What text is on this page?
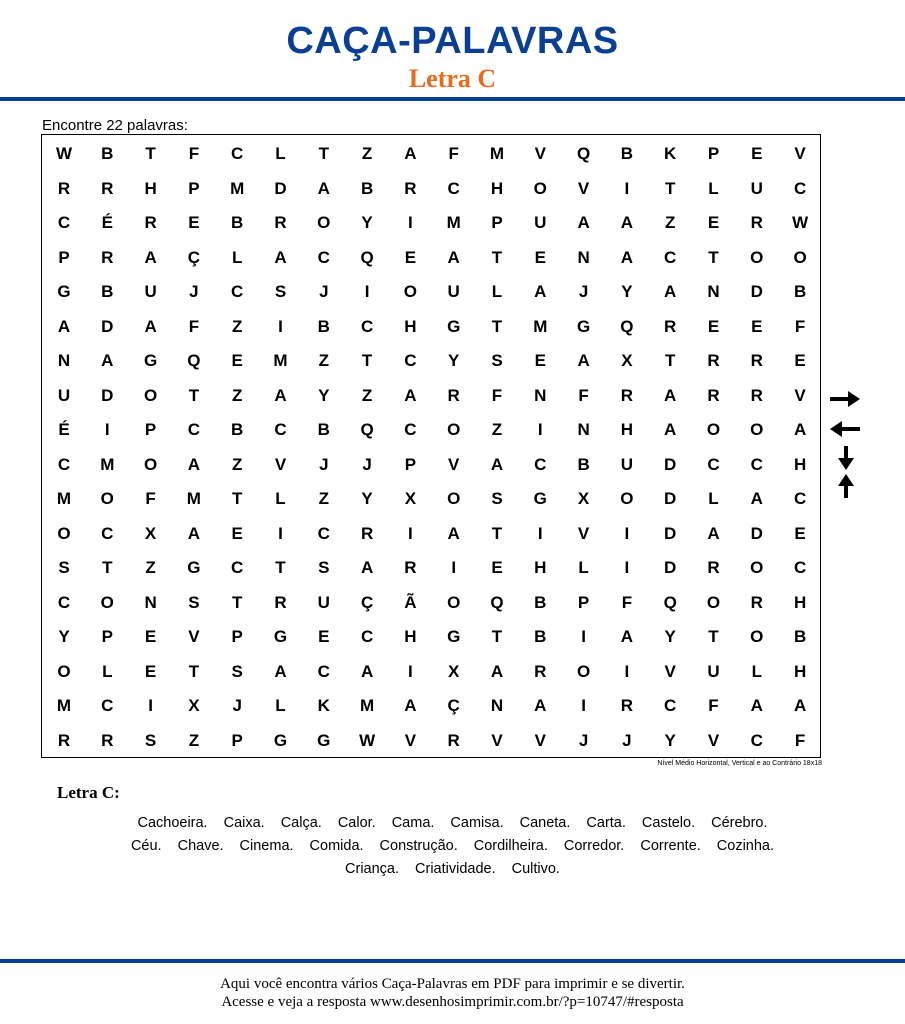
CAÇA-PALAVRAS
Letra C
Encontre 22 palavras:
W	B	T	F	C	L	T	Z	A	F	M	V	Q	B	K	P	E	V
R	R	H	P	M	D	A	B	R	C	H	O	V	I	T	L	U	C
C	É	R	E	B	R	O	Y	I	M	P	U	A	A	Z	E	R	W
P	R	A	Ç	L	A	C	Q	E	A	T	E	N	A	C	T	O	O
G	B	U	J	C	S	J	I	O	U	L	A	J	Y	A	N	D	B
A	D	A	F	Z	I	B	C	H	G	T	M	G	Q	R	E	E	F
N	A	G	Q	E	M	Z	T	C	Y	S	E	A	X	T	R	R	E
U	D	O	T	Z	A	Y	Z	A	R	F	N	F	R	A	R	R	V
É	I	P	C	B	C	B	Q	C	O	Z	I	N	H	A	O	O	A
C	M	O	A	Z	V	J	J	P	V	A	C	B	U	D	C	C	H
M	O	F	M	T	L	Z	Y	X	O	S	G	X	O	D	L	A	C
O	C	X	A	E	I	C	R	I	A	T	I	V	I	D	A	D	E
S	T	Z	G	C	T	S	A	R	I	E	H	L	I	D	R	O	C
C	O	N	S	T	R	U	Ç	Ã	O	Q	B	P	F	Q	O	R	H
Y	P	E	V	P	G	E	C	H	G	T	B	I	A	Y	T	O	B
O	L	E	T	S	A	C	A	I	X	A	R	O	I	V	U	L	H
M	C	I	X	J	L	K	M	A	Ç	N	A	I	R	C	F	A	A
R	R	S	Z	P	G	G	W	V	R	V	V	J	J	Y	V	C	F
Nível Médio Horizontal, Vertical e ao Contrário 18x18
Letra C:
Cachoeira. Caixa. Calça. Calor. Cama. Camisa. Caneta. Carta. Castelo. Cérebro.
Céu. Chave. Cinema. Comida. Construção. Cordilheira. Corredor. Corrente. Cozinha.
Criança. Criatividade. Cultivo.
Aqui você encontra vários Caça-Palavras em PDF para imprimir e se divertir.
Acesse e veja a resposta www.desenhosimprimir.com.br/?p=10747/#resposta
